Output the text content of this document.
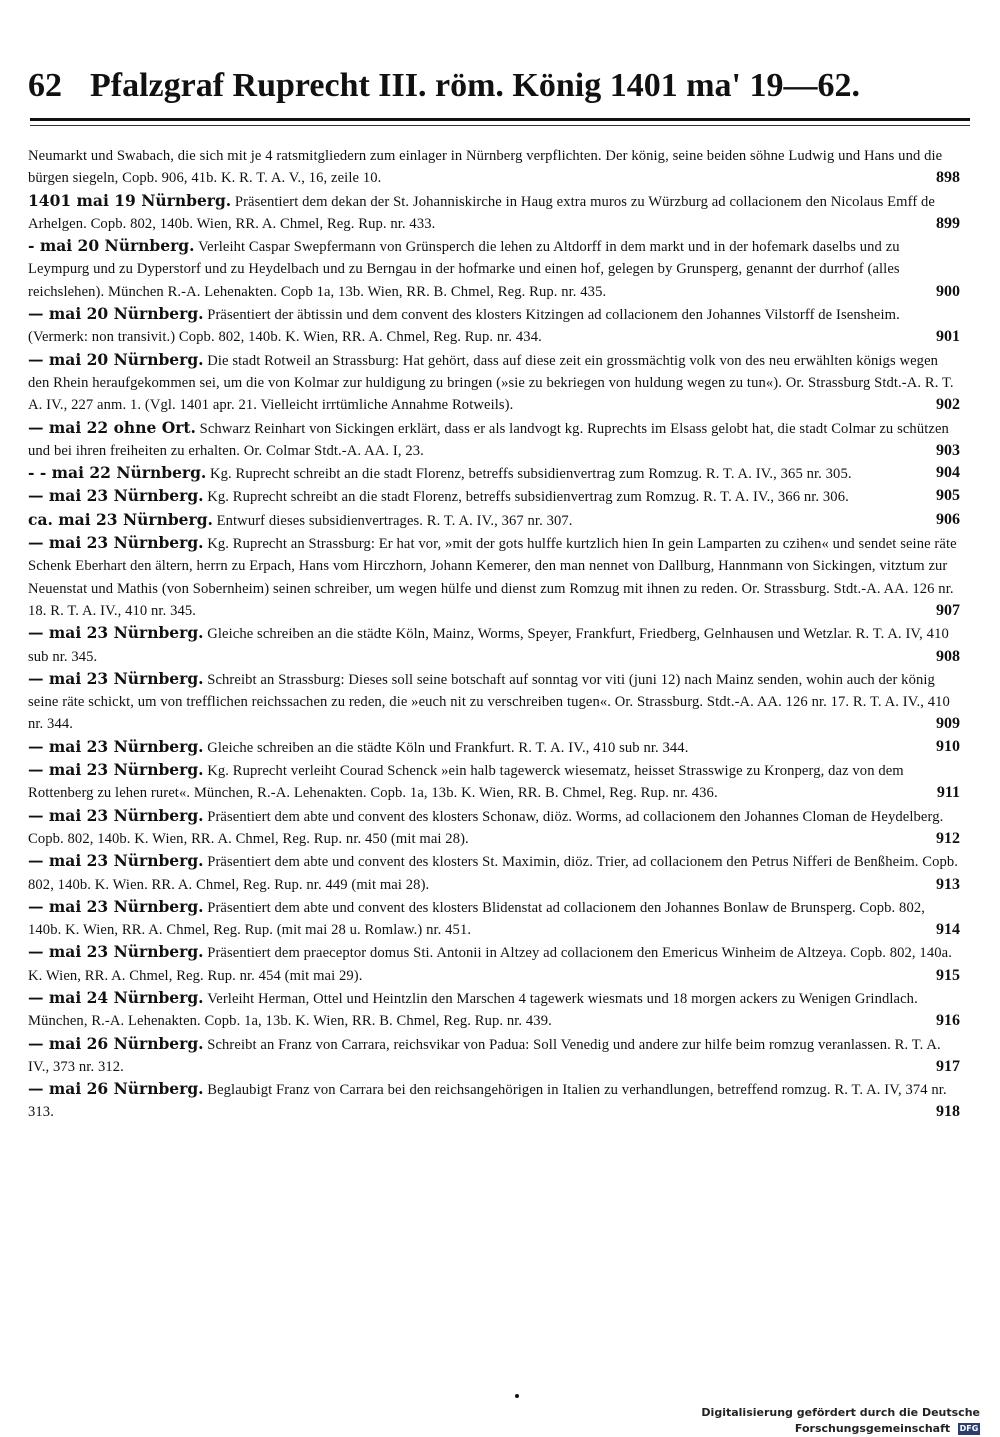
62 Pfalzgraf Ruprecht III. röm. König 1401 ma' 19—62.
Neumarkt und Swabach, die sich mit je 4 ratsmitgliedern zum einlager in Nürnberg verpflichten. Der könig, seine beiden söhne Ludwig und Hans und die bürgen siegeln, Copb. 906, 41b. K. R. T. A. V., 16, zeile 10.	898
1401 mai 19 Nürnberg. Präsentiert dem dekan der St. Johanniskirche in Haug extra muros zu Würzburg ad collacionem den Nicolaus Emff de Arhelgen. Copb. 802, 140b. Wien, RR. A. Chmel, Reg. Rup. nr. 433.	899
- mai 20 Nürnberg. Verleiht Caspar Swepfermann von Grünsperch die lehen zu Altdorff in dem markt und in der hofemark daselbs und zu Leympurg und zu Dyperstorf und zu Heydelbach und zu Berngau in der hofmarke und einen hof, gelegen by Grunsperg, genannt der durrhof (alles reichslehen). München R.-A. Lehenakten. Copb 1a, 13b. Wien, RR. B. Chmel, Reg. Rup. nr. 435.	900
— mai 20 Nürnberg. Präsentiert der äbtissin und dem convent des klosters Kitzingen ad collacionem den Johannes Vilstorff de Isensheim. (Vermerk: non transivit.) Copb. 802, 140b. K. Wien, RR. A. Chmel, Reg. Rup. nr. 434.	901
— mai 20 Nürnberg. Die stadt Rotweil an Strassburg: Hat gehört, dass auf diese zeit ein grossmächtig volk von des neu erwählten königs wegen den Rhein heraufgekommen sei, um die von Kolmar zur huldigung zu bringen (»sie zu bekriegen von huldung wegen zu tun«). Or. Strassburg Stdt.-A. R. T. A. IV., 227 anm. 1. (Vgl. 1401 apr. 21. Vielleicht irrtümliche Annahme Rotweils).	902
— mai 22 ohne Ort. Schwarz Reinhart von Sickingen erklärt, dass er als landvogt kg. Ruprechts im Elsass gelobt hat, die stadt Colmar zu schützen und bei ihren freiheiten zu erhalten. Or. Colmar Stdt.-A. AA. I, 23.	903
- - mai 22 Nürnberg. Kg. Ruprecht schreibt an die stadt Florenz, betreffs subsidienvertrag zum Romzug. R. T. A. IV., 365 nr. 305.	904
— mai 23 Nürnberg. Kg. Ruprecht schreibt an die stadt Florenz, betreffs subsidienvertrag zum Romzug. R. T. A. IV., 366 nr. 306.	905
ca. mai 23 Nürnberg. Entwurf dieses subsidienvertrages. R. T. A. IV., 367 nr. 307.	906
— mai 23 Nürnberg. Kg. Ruprecht an Strassburg: Er hat vor, »mit der gots hulffe kurtzlich hien In gein Lamparten zu czihen« und sendet seine räte Schenk Eberhart den ältern, herrn zu Erpach, Hans vom Hirczhorn, Johann Kemerer, den man nennet von Dallburg, Hannmann von Sickingen, vitztum zur Neuenstat und Mathis (von Sobernheim) seinen schreiber, um wegen hülfe und dienst zum Romzug mit ihnen zu reden. Or. Strassburg. Stdt.-A. AA. 126 nr. 18. R. T. A. IV., 410 nr. 345.	907
— mai 23 Nürnberg. Gleiche schreiben an die städte Köln, Mainz, Worms, Speyer, Frankfurt, Friedberg, Gelnhausen und Wetzlar. R. T. A. IV, 410 sub nr. 345.	908
— mai 23 Nürnberg. Schreibt an Strassburg: Dieses soll seine botschaft auf sonntag vor viti (juni 12) nach Mainz senden, wohin auch der könig seine räte schickt, um von trefflichen reichssachen zu reden, die »euch nit zu verschreiben tugen«. Or. Strassburg. Stdt.-A. AA. 126 nr. 17. R. T. A. IV., 410 nr. 344.	909
— mai 23 Nürnberg. Gleiche schreiben an die städte Köln und Frankfurt. R. T. A. IV., 410 sub nr. 344.	910
— mai 23 Nürnberg. Kg. Ruprecht verleiht Courad Schenck »ein halb tagewerck wiesematz, heisset Strasswige zu Kronperg, daz von dem Rottenberg zu lehen ruret«. München, R.-A. Lehenakten. Copb. 1a, 13b. K. Wien, RR. B. Chmel, Reg. Rup. nr. 436.	911
— mai 23 Nürnberg. Präsentiert dem abte und convent des klosters Schonaw, diöz. Worms, ad collacionem den Johannes Cloman de Heydelberg. Copb. 802, 140b. K. Wien, RR. A. Chmel, Reg. Rup. nr. 450 (mit mai 28).	912
— mai 23 Nürnberg. Präsentiert dem abte und convent des klosters St. Maximin, diöz. Trier, ad collacionem den Petrus Nifferi de Benßheim. Copb. 802, 140b. K. Wien. RR. A. Chmel, Reg. Rup. nr. 449 (mit mai 28).	913
— mai 23 Nürnberg. Präsentiert dem abte und convent des klosters Blidenstat ad collacionem den Johannes Bonlaw de Brunsperg. Copb. 802, 140b. K. Wien, RR. A. Chmel, Reg. Rup. (mit mai 28 u. Romlaw.) nr. 451.	914
— mai 23 Nürnberg. Präsentiert dem praeceptor domus Sti. Antonii in Altzey ad collacionem den Emericus Winheim de Altzeya. Copb. 802, 140a. K. Wien, RR. A. Chmel, Reg. Rup. nr. 454 (mit mai 29).	915
— mai 24 Nürnberg. Verleiht Herman, Ottel und Heintzlin den Marschen 4 tagewerk wiesmats und 18 morgen ackers zu Wenigen Grindlach. München, R.-A. Lehenakten. Copb. 1a, 13b. K. Wien, RR. B. Chmel, Reg. Rup. nr. 439.	916
— mai 26 Nürnberg. Schreibt an Franz von Carrara, reichsvikar von Padua: Soll Venedig und andere zur hilfe beim romzug veranlassen. R. T. A. IV., 373 nr. 312.	917
— mai 26 Nürnberg. Beglaubigt Franz von Carrara bei den reichsangehörigen in Italien zu verhandlungen, betreffend romzug. R. T. A. IV, 374 nr. 313.	918
Digitalisierung gefördert durch die Deutsche Forschungsgemeinschaft DFG
